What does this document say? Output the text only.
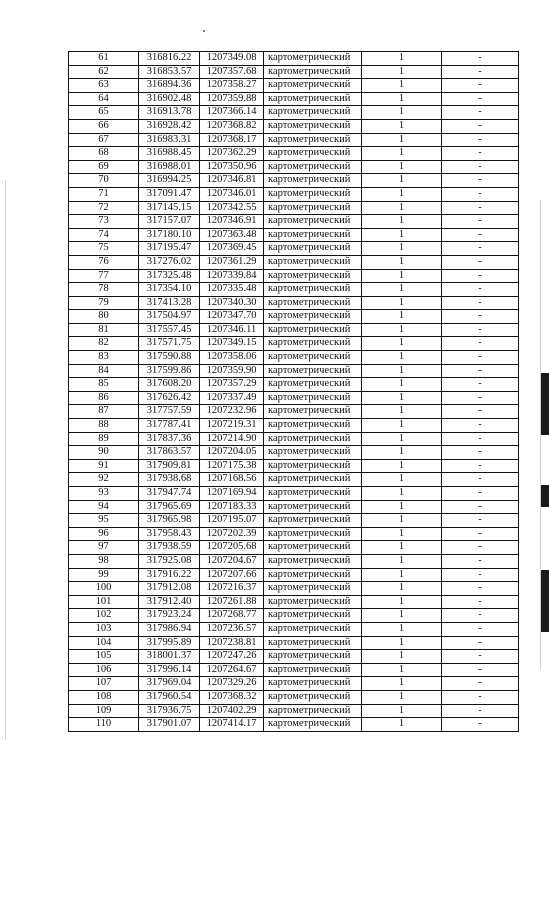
61	316816.22	1207349.08	картометрический	1	-
62	316853.57	1207357.68	картометрический	1	-
63	316894.36	1207358.27	картометрический	1	-
64	316902.48	1207359.88	картометрический	1	-
65	316913.78	1207366.14	картометрический	1	-
66	316928.42	1207368.82	картометрический	1	-
67	316983.31	1207368.17	картометрический	1	-
68	316988.45	1207362.29	картометрический	1	-
69	316988.01	1207350.96	картометрический	1	-
70	316994.25	1207346.81	картометрический	1	-
71	317091.47	1207346.01	картометрический	1	-
72	317145.15	1207342.55	картометрический	1	-
73	317157.07	1207346.91	картометрический	1	-
74	317180.10	1207363.48	картометрический	1	-
75	317195.47	1207369.45	картометрический	1	-
76	317276.02	1207361.29	картометрический	1	-
77	317325.48	1207339.84	картометрический	1	-
78	317354.10	1207335.48	картометрический	1	-
79	317413.28	1207340.30	картометрический	1	-
80	317504.97	1207347.70	картометрический	1	-
81	317557.45	1207346.11	картометрический	1	-
82	317571.75	1207349.15	картометрический	1	-
83	317590.88	1207358.06	картометрический	1	-
84	317599.86	1207359.90	картометрический	1	-
85	317608.20	1207357.29	картометрический	1	-
86	317626.42	1207337.49	картометрический	1	-
87	317757.59	1207232.96	картометрический	1	-
88	317787.41	1207219.31	картометрический	1	-
89	317837.36	1207214.90	картометрический	1	-
90	317863.57	1207204.05	картометрический	1	-
91	317909.81	1207175.38	картометрический	1	-
92	317938.68	1207168.56	картометрический	1	-
93	317947.74	1207169.94	картометрический	1	-
94	317965.69	1207183.33	картометрический	1	-
95	317965.98	1207195.07	картометрический	1	-
96	317958.43	1207202.39	картометрический	1	-
97	317938.59	1207205.68	картометрический	1	-
98	317925.08	1207204.67	картометрический	1	-
99	317916.22	1207207.66	картометрический	1	-
100	317912.08	1207216.37	картометрический	1	-
101	317912.40	1207261.88	картометрический	1	-
102	317923.24	1207268.77	картометрический	1	-
103	317986.94	1207236.57	картометрический	1	-
104	317995.89	1207238.81	картометрический	1	-
105	318001.37	1207247.26	картометрический	1	-
106	317996.14	1207264.67	картометрический	1	-
107	317969.04	1207329.26	картометрический	1	-
108	317960.54	1207368.32	картометрический	1	-
109	317936.75	1207402.29	картометрический	1	-
110	317901.07	1207414.17	картометрический	1	-
